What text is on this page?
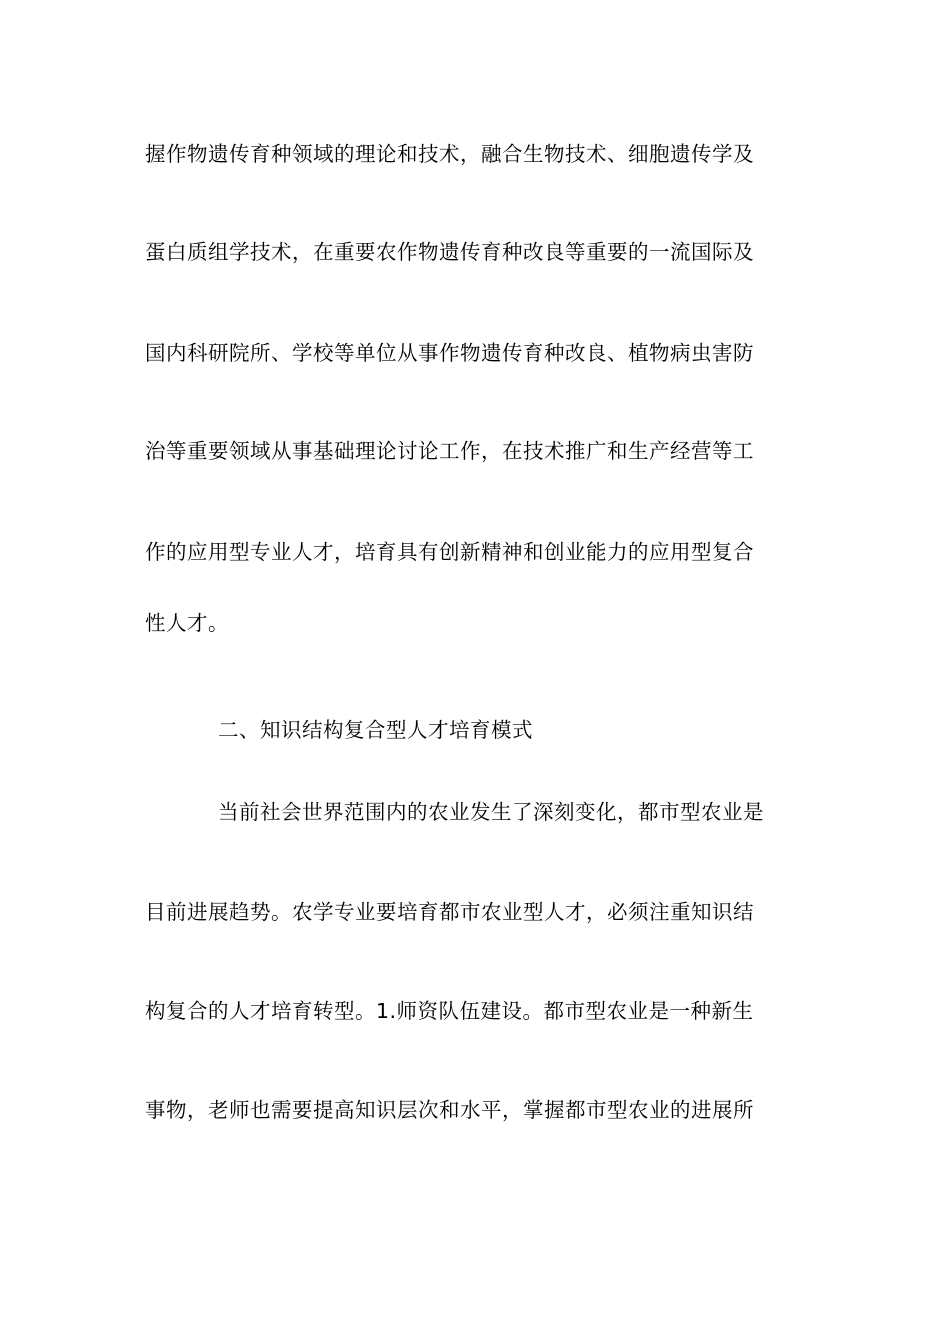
握作物遗传育种领域的理论和技术，融合生物技术、细胞遗传学及
蛋白质组学技术，在重要农作物遗传育种改良等重要的一流国际及
国内科研院所、学校等单位从事作物遗传育种改良、植物病虫害防
治等重要领域从事基础理论讨论工作，在技术推广和生产经营等工
作的应用型专业人才，培育具有创新精神和创业能力的应用型复合
性人才。
二、知识结构复合型人才培育模式
当前社会世界范围内的农业发生了深刻变化，都市型农业是
目前进展趋势。农学专业要培育都市农业型人才，必须注重知识结
构复合的人才培育转型。1.师资队伍建设。都市型农业是一种新生
事物，老师也需要提高知识层次和水平，掌握都市型农业的进展所
